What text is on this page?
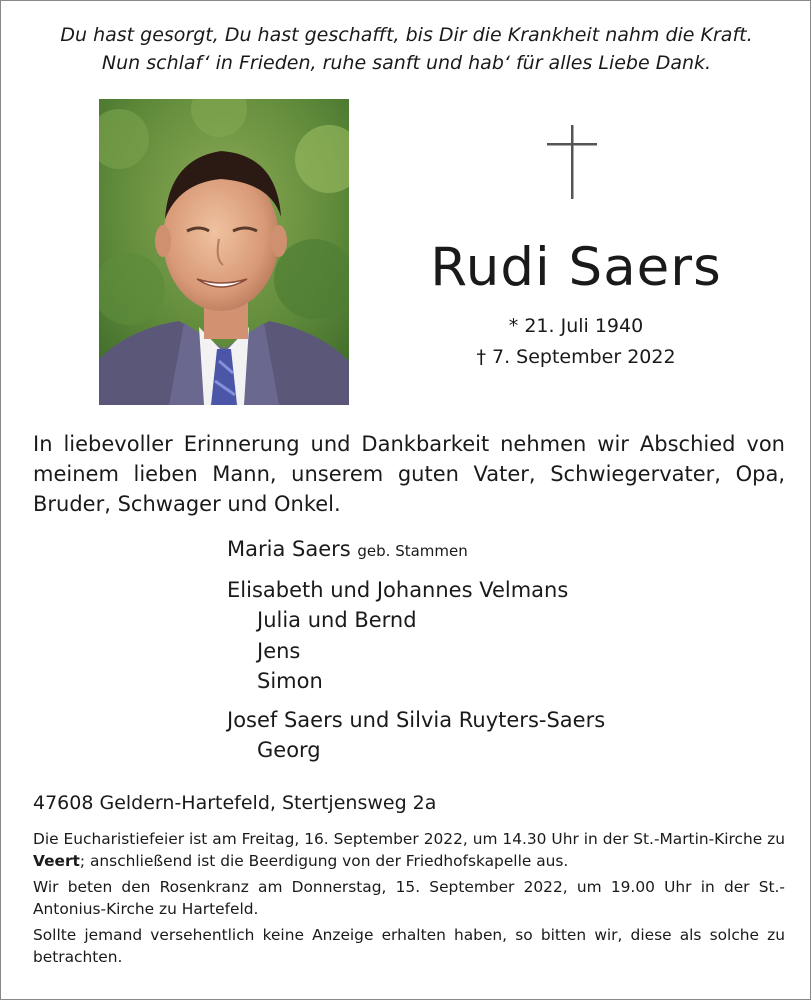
Du hast gesorgt, Du hast geschafft, bis Dir die Krankheit nahm die Kraft.
Nun schlaf‘ in Frieden, ruhe sanft und hab‘ für alles Liebe Dank.
Rudi Saers
* 21. Juli 1940
† 7. September 2022
In liebevoller Erinnerung und Dankbarkeit nehmen wir Abschied von meinem lieben Mann, unserem guten Vater, Schwiegervater, Opa, Bruder, Schwager und Onkel.
Maria Saers geb. Stammen
Elisabeth und Johannes Velmans
Julia und Bernd
Jens
Simon
Josef Saers und Silvia Ruyters-Saers
Georg
47608 Geldern-Hartefeld, Stertjensweg 2a

Die Eucharistiefeier ist am Freitag, 16. September 2022, um 14.30 Uhr in der St.-Martin-Kirche zu Veert; anschließend ist die Beerdigung von der Friedhofskapelle aus.

Wir beten den Rosenkranz am Donnerstag, 15. September 2022, um 19.00 Uhr in der St.-Antonius-Kirche zu Hartefeld.

Sollte jemand versehentlich keine Anzeige erhalten haben, so bitten wir, diese als solche zu betrachten.
